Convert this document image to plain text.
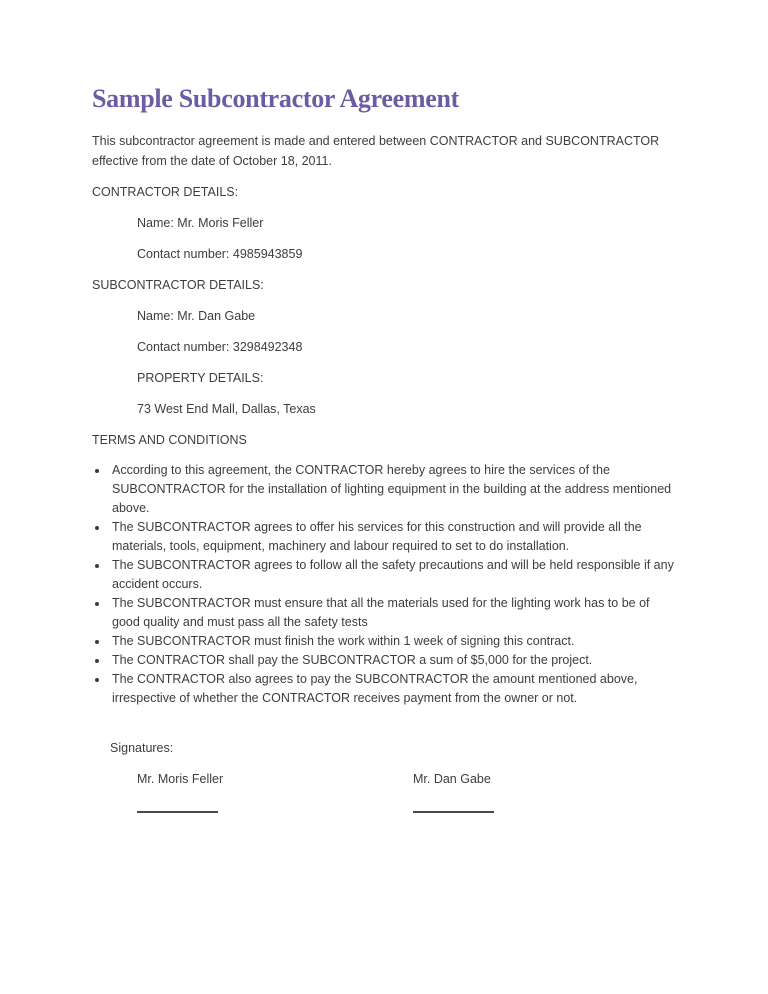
Sample Subcontractor Agreement

This subcontractor agreement is made and entered between CONTRACTOR and SUBCONTRACTOR effective from the date of October 18, 2011.

CONTRACTOR DETAILS:

Name: Mr. Moris Feller

Contact number: 4985943859

SUBCONTRACTOR DETAILS:

Name: Mr. Dan Gabe

Contact number: 3298492348

PROPERTY DETAILS:

73 West End Mall, Dallas, Texas

TERMS AND CONDITIONS

• According to this agreement, the CONTRACTOR hereby agrees to hire the services of the SUBCONTRACTOR for the installation of lighting equipment in the building at the address mentioned above.
• The SUBCONTRACTOR agrees to offer his services for this construction and will provide all the materials, tools, equipment, machinery and labour required to set to do installation.
• The SUBCONTRACTOR agrees to follow all the safety precautions and will be held responsible if any accident occurs.
• The SUBCONTRACTOR must ensure that all the materials used for the lighting work has to be of good quality and must pass all the safety tests
• The SUBCONTRACTOR must finish the work within 1 week of signing this contract.
• The CONTRACTOR shall pay the SUBCONTRACTOR a sum of $5,000 for the project.
• The CONTRACTOR also agrees to pay the SUBCONTRACTOR the amount mentioned above, irrespective of whether the CONTRACTOR receives payment from the owner or not.

Signatures:

Mr. Moris Feller	Mr. Dan Gabe
